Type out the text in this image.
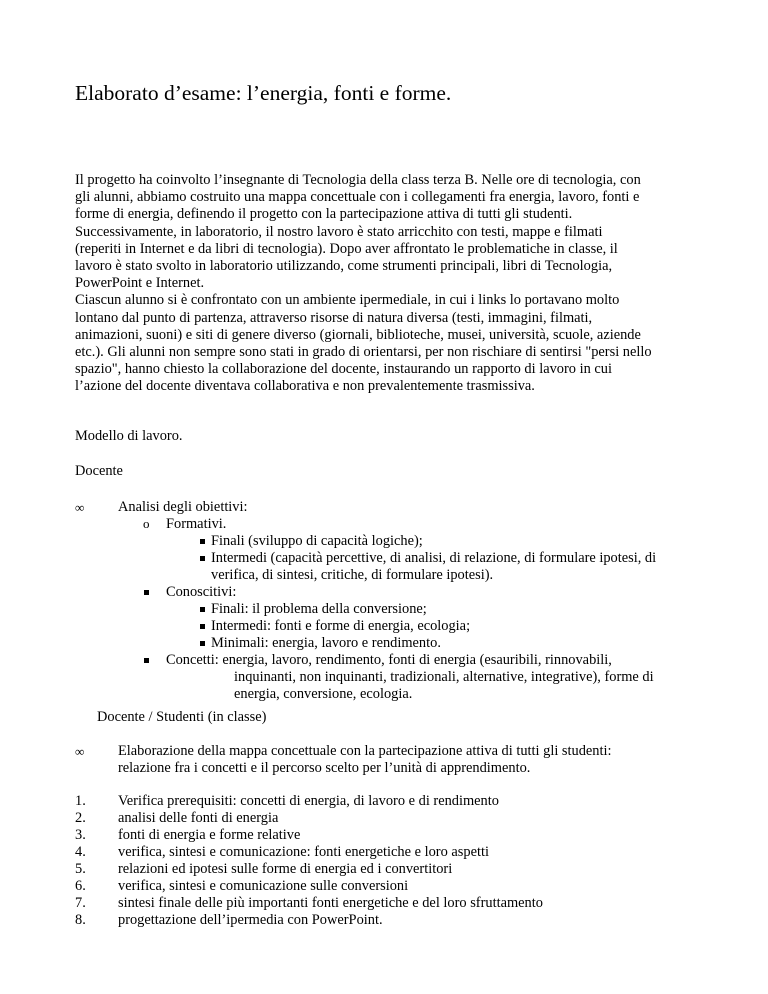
Elaborato d’esame: l’energia, fonti e forme.

Il progetto ha coinvolto l’insegnante di Tecnologia della class terza B. Nelle ore di tecnologia, con

gli alunni, abbiamo costruito una mappa concettuale con i collegamenti fra energia, lavoro, fonti e

forme di energia, definendo il progetto con la partecipazione attiva di tutti gli studenti.

Successivamente, in laboratorio, il nostro lavoro è stato arricchito con testi, mappe e filmati

(reperiti in Internet e da libri di tecnologia). Dopo aver affrontato le problematiche in classe, il

lavoro è stato svolto in laboratorio utilizzando, come strumenti principali, libri di Tecnologia,

PowerPoint e Internet.

Ciascun alunno si è confrontato con un ambiente ipermediale, in cui i links lo portavano molto

lontano dal punto di partenza, attraverso risorse di natura diversa (testi, immagini, filmati,

animazioni, suoni) e siti di genere diverso (giornali, biblioteche, musei, università, scuole, aziende

etc.). Gli alunni non sempre sono stati in grado di orientarsi, per non rischiare di sentirsi "persi nello

spazio", hanno chiesto la collaborazione del docente, instaurando un rapporto di lavoro in cui

l’azione del docente diventava collaborativa e non prevalentemente trasmissiva.

Modello di lavoro.
Docente
∞ Analisi degli obiettivi:
o Formativi.
Finali (sviluppo di capacità logiche);
Intermedi (capacità percettive, di analisi, di relazione, di formulare ipotesi, di
verifica, di sintesi, critiche, di formulare ipotesi).
Conoscitivi:
Finali: il problema della conversione;
Intermedi: fonti e forme di energia, ecologia;
Minimali: energia, lavoro e rendimento.
Concetti: energia, lavoro, rendimento, fonti di energia (esauribili, rinnovabili,
inquinanti, non inquinanti, tradizionali, alternative, integrative), forme di
energia, conversione, ecologia.
Docente / Studenti (in classe)
∞ Elaborazione della mappa concettuale con la partecipazione attiva di tutti gli studenti:
relazione fra i concetti e il percorso scelto per l’unità di apprendimento.
1. Verifica prerequisiti: concetti di energia, di lavoro e di rendimento
2. analisi delle fonti di energia
3. fonti di energia e forme relative
4. verifica, sintesi e comunicazione: fonti energetiche e loro aspetti
5. relazioni ed ipotesi sulle forme di energia ed i convertitori
6. verifica, sintesi e comunicazione sulle conversioni
7. sintesi finale delle più importanti fonti energetiche e del loro sfruttamento
8. progettazione dell’ipermedia con PowerPoint.
